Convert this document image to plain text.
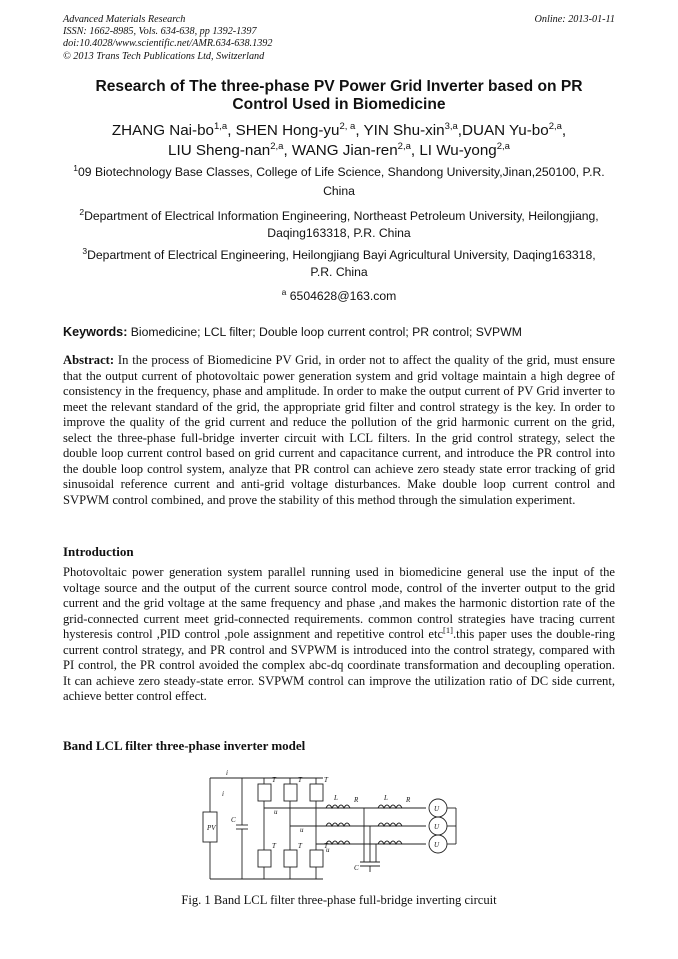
Advanced Materials Research
ISSN: 1662-8985, Vols. 634-638, pp 1392-1397
doi:10.4028/www.scientific.net/AMR.634-638.1392
© 2013 Trans Tech Publications Ltd, Switzerland
Online: 2013-01-11
Research of The three-phase PV Power Grid Inverter based on PR
Control Used in Biomedicine
ZHANG Nai-bo$^{1,a}$, SHEN Hong-yu$^{2, a}$, YIN Shu-xin$^{3,a}$,DUAN Yu-bo$^{2,a}$,
LIU Sheng-nan$^{2,a}$, WANG Jian-ren$^{2,a}$, LI Wu-yong$^{2,a}$
$^1$09 Biotechnology Base Classes, College of Life Science, Shandong University,Jinan,250100, P.R.
China
$^2$Department of Electrical Information Engineering, Northeast Petroleum University, Heilongjiang,
Daqing163318, P.R. China
$^3$Department of Electrical Engineering, Heilongjiang Bayi Agricultural University, Daqing163318,
P.R. China
$^a$ 6504628@163.com
Keywords: Biomedicine; LCL filter; Double loop current control; PR control; SVPWM
Abstract: In the process of Biomedicine PV Grid, in order not to affect the quality of the grid, must ensure that the output current of photovoltaic power generation system and grid voltage maintain a high degree of consistency in the frequency, phase and amplitude. In order to make the output current of PV Grid inverter to meet the relevant standard of the grid, the appropriate grid filter and control strategy is the key. In order to improve the quality of the grid current and reduce the pollution of the grid harmonic current on the grid, select the three-phase full-bridge inverter circuit with LCL filters. In the grid control strategy, select the double loop current control based on grid current and capacitance current, and introduce the PR control into the double loop control system, analyze that PR control can achieve zero steady state error tracking of grid sinusoidal reference current and anti-grid voltage disturbances. Make double loop current control and SVPWM control combined, and prove the stability of this method through the simulation experiment.
Introduction
Photovoltaic power generation system parallel running used in biomedicine general use the input of the voltage source and the output of the current source control mode, control of the inverter output to the grid current and the grid voltage at the same frequency and phase ,and makes the harmonic distortion rate of the grid-connected current meet grid-connected requirements. common control strategies have tracing current hysteresis control ,PID control ,pole assignment and repetitive control etc[1].this paper uses the double-ring current control strategy, and PR control and SVPWM is introduced into the control strategy, compared with PI control, the PR control avoided the complex abc-dq coordinate transformation and decoupling operation. It can achieve zero steady-state error. SVPWM control can improve the utilization ratio of DC side current, achieve better control effect.
Band LCL filter three-phase inverter model
PV
C
i
i
T	T	T
T	T	T
u
u
u
L R	L	R
C
U
U
U
Fig. 1 Band LCL filter three-phase full-bridge inverting circuit
